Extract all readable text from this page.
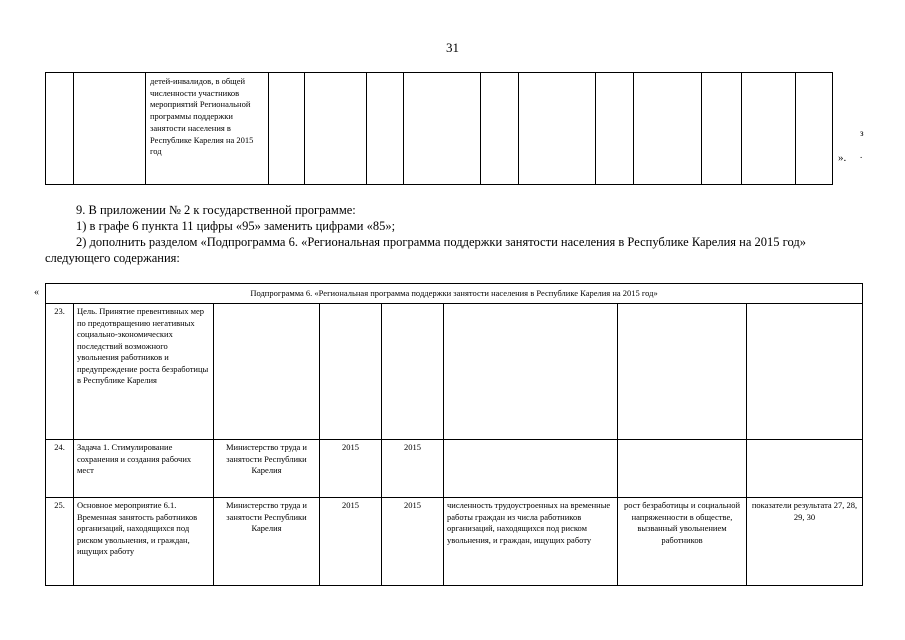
31
		детей-инвалидов, в общей численности участников мероприятий Региональной программы поддержки занятости населения в Республике Карелия на 2015 год											
».
з
.
9. В приложении № 2 к государственной программе:
1) в графе 6 пункта 11 цифры «95» заменить цифрами «85»;
2) дополнить разделом «Подпрограмма 6. «Региональная программа поддержки занятости населения в Республике Карелия на 2015 год» следующего содержания:
«	Подпрограмма 6. «Региональная программа поддержки занятости населения в Республике Карелия на 2015 год»							
23.	Цель. Принятие превентивных мер по предотвращению негативных социально-экономических последствий возможного увольнения работников и предупреждение роста безработицы в Республике Карелия						
24.	Задача 1. Стимулирование сохранения и создания рабочих мест	Министерство труда и занятости Республики Карелия	2015	2015			
25.	Основное мероприятие 6.1. Временная занятость работников организаций, находящихся под риском увольнения, и граждан, ищущих работу	Министерство труда и занятости Республики Карелия	2015	2015	численность трудоустроенных на временные работы граждан из числа работников организаций, находящихся под риском увольнения, и граждан, ищущих работу	рост безработицы и социальной напряженности в обществе, вызванный увольнением работников	показатели результата 27, 28, 29, 30
